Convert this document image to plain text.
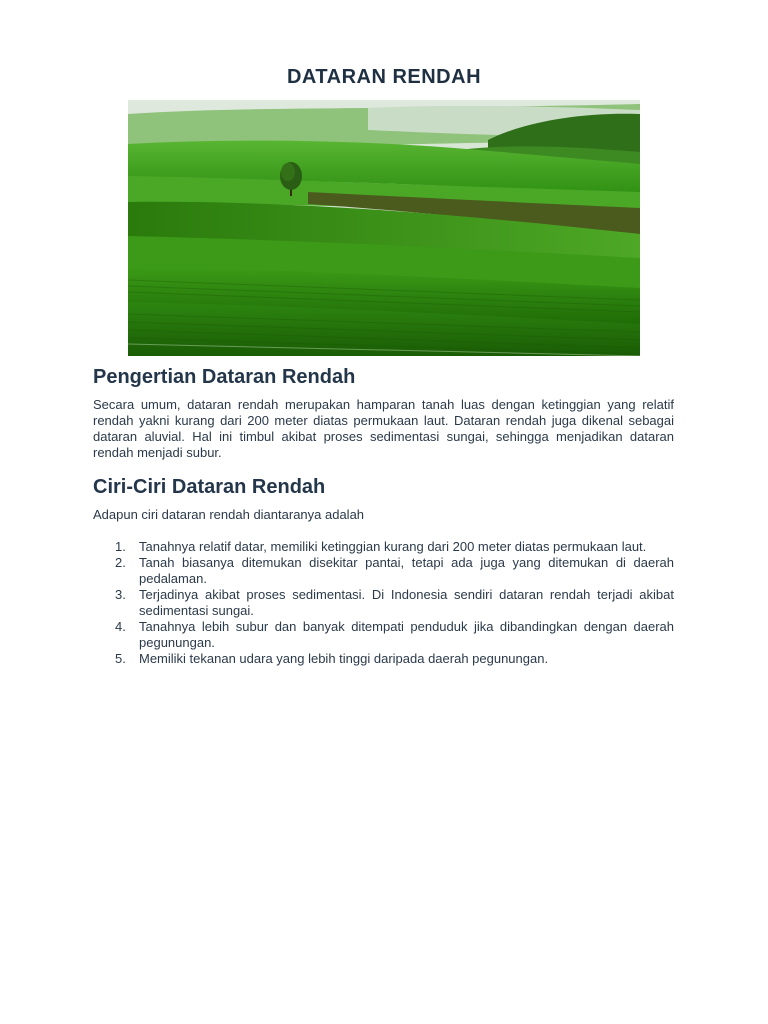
DATARAN RENDAH
Pengertian Dataran Rendah

Secara umum, dataran rendah merupakan hamparan tanah luas dengan ketinggian yang relatif rendah yakni kurang dari 200 meter diatas permukaan laut. Dataran rendah juga dikenal sebagai dataran aluvial. Hal ini timbul akibat proses sedimentasi sungai, sehingga menjadikan dataran rendah menjadi subur.

Ciri-Ciri Dataran Rendah

Adapun ciri dataran rendah diantaranya adalah

1. Tanahnya relatif datar, memiliki ketinggian kurang dari 200 meter diatas permukaan laut.
2. Tanah biasanya ditemukan disekitar pantai, tetapi ada juga yang ditemukan di daerah pedalaman.
3. Terjadinya akibat proses sedimentasi. Di Indonesia sendiri dataran rendah terjadi akibat sedimentasi sungai.
4. Tanahnya lebih subur dan banyak ditempati penduduk jika dibandingkan dengan daerah pegunungan.
5. Memiliki tekanan udara yang lebih tinggi daripada daerah pegunungan.
